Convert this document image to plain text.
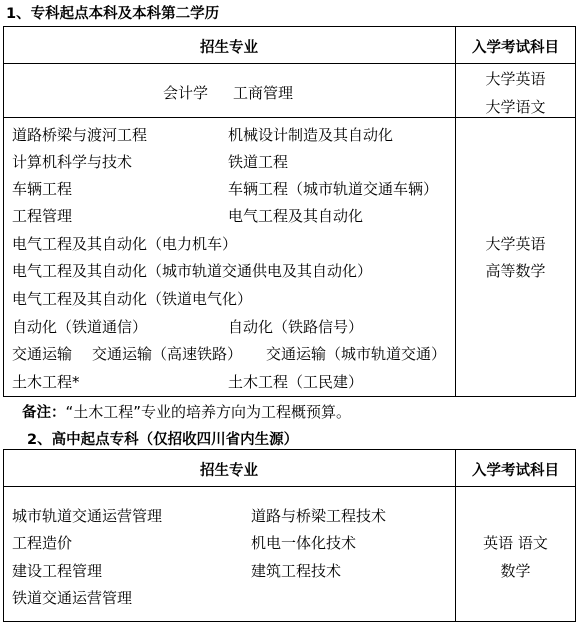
1、专科起点本科及本科第二学历
招生专业	入学考试科目
会计学 工商管理
大学英语
大学语文
道路桥梁与渡河工程	机械设计制造及其自动化
计算机科学与技术	铁道工程
车辆工程	车辆工程（城市轨道交通车辆）
工程管理	电气工程及其自动化
电气工程及其自动化（电力机车）
电气工程及其自动化（城市轨道交通供电及其自动化）
电气工程及其自动化（铁道电气化）
自动化（铁道通信）	自动化（铁路信号）
交通运输 交通运输（高速铁路） 交通运输（城市轨道交通）
土木工程*	土木工程（工民建）
大学英语
高等数学
备注：“土木工程”专业的培养方向为工程概预算。
2、高中起点专科（仅招收四川省内生源）
招生专业	入学考试科目
城市轨道交通运营管理	道路与桥梁工程技术
工程造价	机电一体化技术
建设工程管理	建筑工程技术
铁道交通运营管理
英语 语文
数学
